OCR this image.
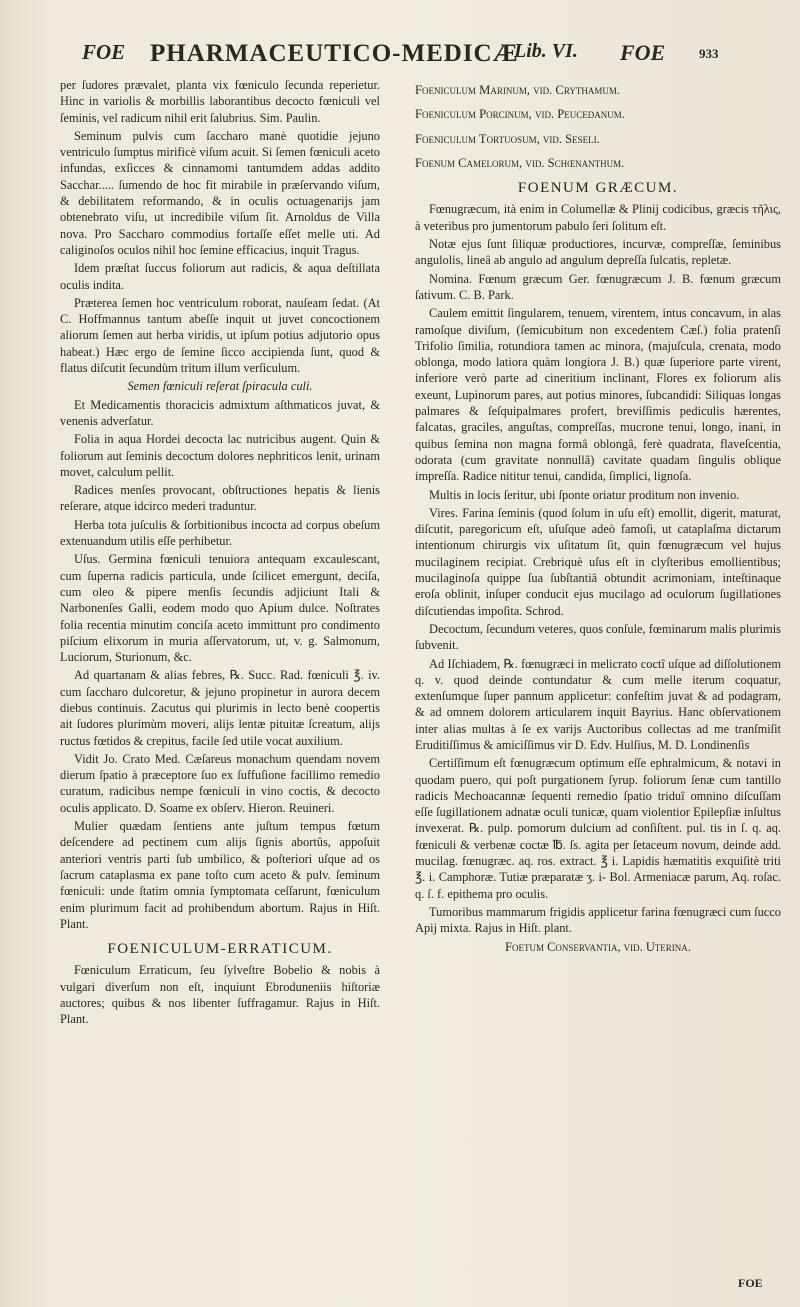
FOE PHARMACEUTICO-MEDICÆ
Lib. VI. FOE	933

per ſudores prævalet, planta vix fœniculo ſecunda reperietur. Hinc in variolis & morbillis laborantibus decocto fœniculi vel ſeminis, vel radicum nihil erit ſalubrius. Sim. Paulin.

Seminum pulvis cum ſaccharo manè quotidie jejuno ventriculo ſumptus mirificè viſum acuit. Si ſemen fœniculi aceto infundas, exſicces & cinnamomi tantumdem addas addito Sacchar..... ſumendo de hoc fit mirabile in præſervando viſum, & debilitatem reformando, & in oculis octuagenarijs jam obtenebrato viſu, ut incredibile viſum ſit. Arnoldus de Villa nova. Pro Saccharo commodius fortaſſe eſſet melle uti. Ad caliginoſos oculos nihil hoc ſemine efficacius, inquit Tragus.

Idem præſtat ſuccus foliorum aut radicis, & aqua deſtillata oculis indita.

Præterea ſemen hoc ventriculum roborat, nauſeam ſedat. (At C. Hoffmannus tantum abeſſe inquit ut juvet concoctionem aliorum ſemen aut herba viridis, ut ipſum potius adjutorio opus habeat.) Hæc ergo de ſemine ſicco accipienda ſunt, quod & flatus diſcutit ſecundùm tritum illum verſiculum.

Semen fœniculi reſerat ſpiracula culi.

Et Medicamentis thoracicis admixtum aſthmaticos juvat, & venenis adverſatur.

Folia in aqua Hordei decocta lac nutricibus augent. Quin & foliorum aut ſeminis decoctum dolores nephriticos lenit, urinam movet, calculum pellit.

Radices menſes provocant, obſtructiones hepatis & lienis reſerare, atque idcirco mederi traduntur.

Herba tota juſculis & ſorbitionibus incocta ad corpus obeſum extenuandum utilis eſſe perhibetur.

Uſus. Germina fœniculi tenuiora antequam excaulescant, cum ſuperna radicis particula, unde ſcilicet emergunt, deciſa, cum oleo & pipere menſis ſecundis adjiciunt Itali & Narbonenſes Galli, eodem modo quo Apium dulce. Noſtrates folia recentia minutim conciſa aceto immittunt pro condimento piſcium elixorum in muria aſſervatorum, ut, v. g. Salmonum, Luciorum, Sturionum, &c.

Ad quartanam & alias febres, ℞. Succ. Rad. fœniculi ℥. iv. cum ſaccharo dulcoretur, & jejuno propinetur in aurora decem diebus continuis. Zacutus qui plurimis in lecto benè coopertis ait ſudores plurimùm moveri, alijs lentæ pituitæ ſcreatum, alijs ructus fœtidos & crepitus, facile ſed utile vocat auxilium.

Vidit Jo. Crato Med. Cæſareus monachum quendam novem dierum ſpatio à præceptore ſuo ex ſuffuſione facillimo remedio curatum, radicibus nempe fœniculi in vino coctis, & decocto oculis applicato. D. Soame ex obſerv. Hieron. Reuineri.

Mulier quædam ſentiens ante juſtum tempus fœtum deſcendere ad pectinem cum alijs ſignis abortûs, appoſuit anteriori ventris parti ſub umbilico, & poſteriori uſque ad os ſacrum cataplasma ex pane toſto cum aceto & pulv. ſeminum fœniculi: unde ſtatim omnia ſymptomata ceſſarunt, fœniculum enim plurimum facit ad prohibendum abortum. Rajus in Hiſt. Plant.

FOENICULUM-ERRATICUM.

Fœniculum Erraticum, ſeu ſylveſtre Bobelio & nobis à vulgari diverſum non eſt, inquiunt Ebroduneniis hiſtoriæ auctores; quibus & nos libenter ſuffragamur. Rajus in Hiſt. Plant.

Foeniculum Marinum, vid. Crythamum.

Foeniculum Porcinum, vid. Peucedanum.

Foeniculum Tortuosum, vid. Seſeli.

Foenum Camelorum, vid. Schœnanthum.

FOENUM GRÆCUM.

Fœnugræcum, ità enim in Columellæ & Plinij codicibus, græcis τῆλις, à veteribus pro jumentorum pabulo ſeri ſolitum eſt.

Notæ ejus ſunt ſiliquæ productiores, incurvæ, compreſſæ, ſeminibus angulolis, lineâ ab angulo ad angulum depreſſa ſulcatis, repletæ.

Nomina. Fœnum græcum Ger. fœnugræcum J. B. fœnum græcum ſativum. C. B. Park.

Caulem emittit ſingularem, tenuem, virentem, intus concavum, in alas ramoſque diviſum, (ſemicubitum non excedentem Cæſ.) folia pratenſi Trifolio ſimilia, rotundiora tamen ac minora, (majuſcula, crenata, modo oblonga, modo latiora quàm longiora J. B.) quæ ſuperiore parte virent, inferiore verò parte ad cineritium inclinant, Flores ex foliorum alis exeunt, Lupinorum pares, aut potius minores, ſubcandidi: Siliquas longas palmares & ſeſquipalmares profert, breviſſimis pediculis hærentes, falcatas, graciles, anguſtas, compreſſas, mucrone tenui, longo, inani, in quibus ſemina non magna formâ oblongâ, ferè quadrata, flaveſcentia, odorata (cum gravitate nonnullâ) cavitate quadam ſingulis oblique impreſſa. Radice nititur tenui, candida, ſimplici, lignoſa.

Multis in locis ſeritur, ubi ſponte oriatur proditum non invenio.

Vires. Farina ſeminis (quod ſolum in uſu eſt) emollit, digerit, maturat, diſcutit, paregoricum eſt, uſuſque adeò famoſi, ut cataplaſma dictarum intentionum chirurgis vix uſitatum ſit, quin fœnugræcum vel hujus mucilaginem recipiat. Crebriquè uſus eſt in clyſteribus emollientibus; mucilaginoſa quippe ſua ſubſtantiâ obtundit acrimoniam, inteſtinaque eroſa oblinit, inſuper conducit ejus mucilago ad oculorum ſugillationes diſcutiendas impoſita. Schrod.

Decoctum, ſecundum veteres, quos conſule, fœminarum malis plurimis ſubvenit.

Ad Iſchiadem, ℞. fœnugræci in melicrato coctî uſque ad diſſolutionem q. v. quod deinde contundatur & cum melle iterum coquatur, extenſumque ſuper pannum applicetur: confeſtim juvat & ad podagram, & ad omnem dolorem articularem inquit Bayrius. Hanc obſervationem inter alias multas à ſe ex varijs Auctoribus collectas ad me tranſmiſit Eruditiſſimus & amiciſſimus vir D. Edv. Hulſius, M. D. Londinenſis

Certiſſimum eſt fœnugræcum optimum eſſe ephralmicum, & notavi in quodam puero, qui poſt purgationem ſyrup. foliorum ſenæ cum tantillo radicis Mechoacannæ ſequenti remedio ſpatio triduî omnino diſcuſſam eſſe ſugillationem adnatæ oculi tunicæ, quam violentior Epilepſiæ inſultus invexerat. ℞. pulp. pomorum dulcium ad conſiſtent. pul. tis in ſ. q. aq. fœniculi & verbenæ coctæ ℔. ſs. agita per ſetaceum novum, deinde add. mucilag. fœnugræc. aq. ros. extract. ℥ i. Lapidis hæmatitis exquiſitè triti ℥. i. Camphoræ. Tutiæ præparatæ ʒ. i- Bol. Armeniacæ parum, Aq. roſac. q. ſ. f. epithema pro oculis.

Tumoribus mammarum frigidis applicetur farina fœnugræci cum ſucco Apij mixta. Rajus in Hiſt. plant.

Foetum Conservantia, vid. Uterina.

FOE
